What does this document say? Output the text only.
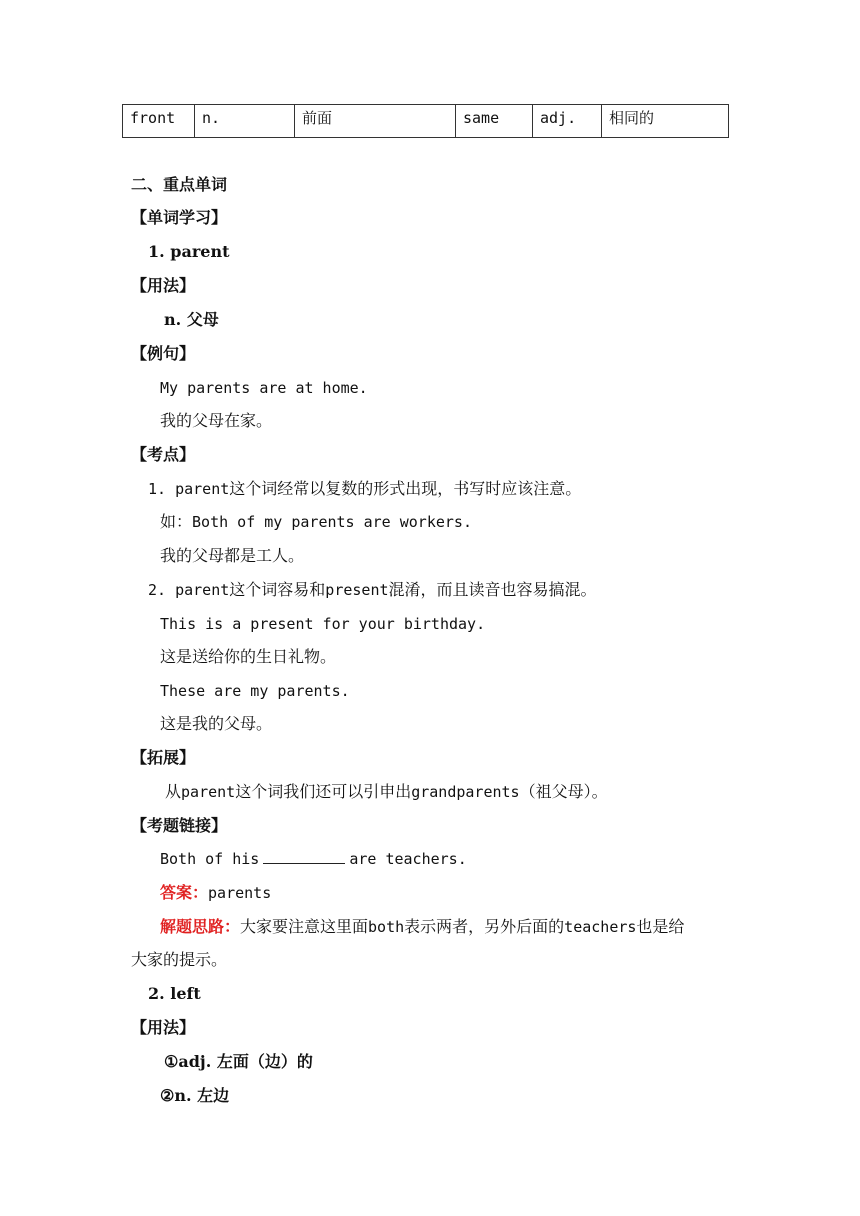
front	n.	前面	same	adj.	相同的
二、重点单词
【单词学习】
1. parent
【用法】
n. 父母
【例句】
My parents are at home.
我的父母在家。
【考点】
1. parent这个词经常以复数的形式出现，书写时应该注意。
如：Both of my parents are workers.
我的父母都是工人。
2. parent这个词容易和present混淆，而且读音也容易搞混。
This is a present for your birthday.
这是送给你的生日礼物。
These are my parents.
这是我的父母。
【拓展】
从parent这个词我们还可以引申出grandparents（祖父母）。
【考题链接】
Both of his	are teachers.
答案：parents
解题思路：大家要注意这里面both表示两者，另外后面的teachers也是给
大家的提示。
2. left
【用法】
①adj. 左面（边）的
②n. 左边
